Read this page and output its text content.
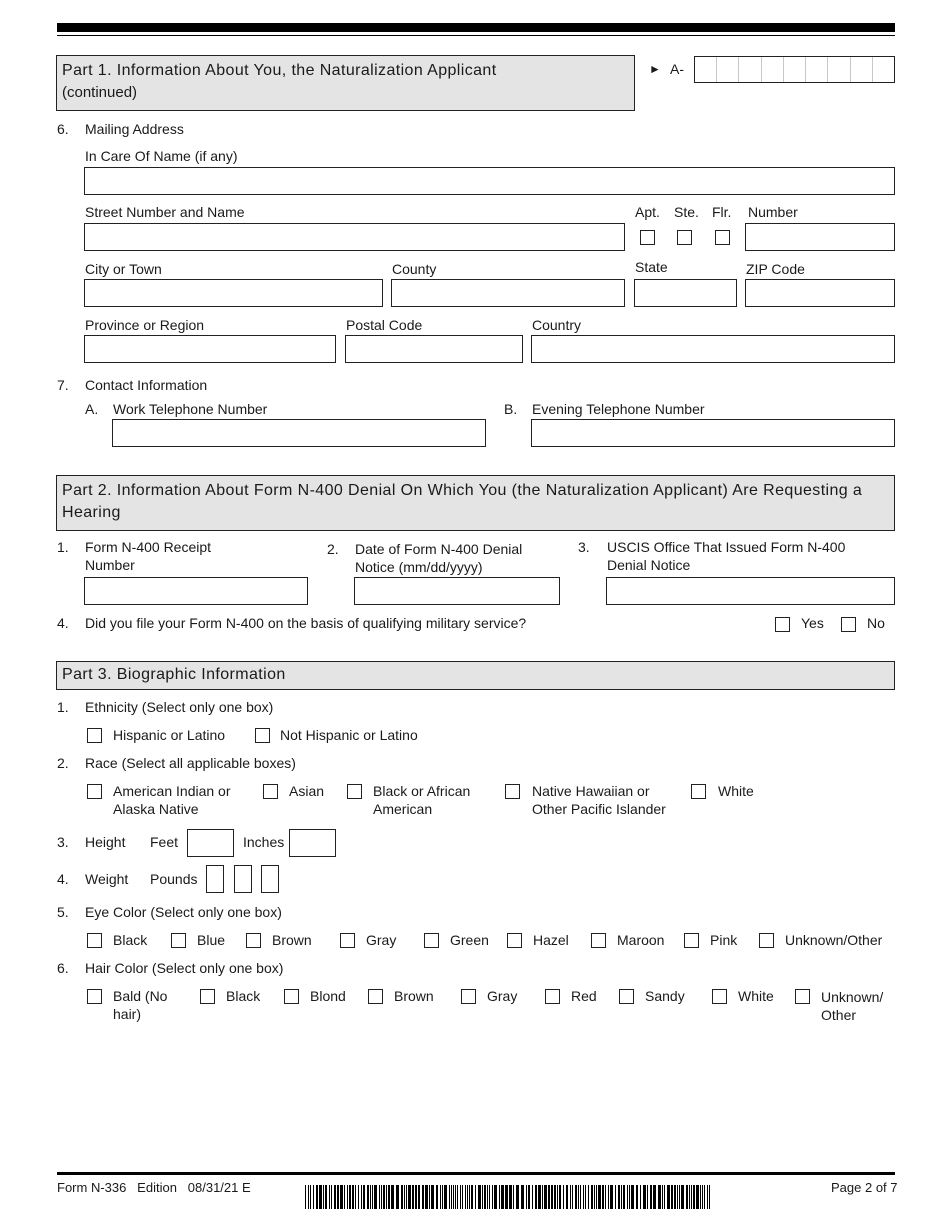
Part 1. Information About You, the Naturalization Applicant
(continued)
► A-
6. Mailing Address
In Care Of Name (if any)
Street Number and Name	Apt. Ste. Flr. Number
City or Town	County	State	ZIP Code
Province or Region	Postal Code	Country
7. Contact Information
A. Work Telephone Number	B. Evening Telephone Number
Part 2. Information About Form N-400 Denial On Which You (the Naturalization Applicant) Are Requesting a Hearing
1. Form N-400 Receipt Number
2. Date of Form N-400 Denial Notice (mm/dd/yyyy)
3. USCIS Office That Issued Form N-400 Denial Notice
4. Did you file your Form N-400 on the basis of qualifying military service?	Yes	No
Part 3. Biographic Information
1. Ethnicity (Select only one box)
Hispanic or Latino	Not Hispanic or Latino
2. Race (Select all applicable boxes)
American Indian or Alaska Native
Asian	Black or African American
Native Hawaiian or Other Pacific Islander
White
3. Height Feet	Inches
4. Weight Pounds
5. Eye Color (Select only one box)
Black	Blue	Brown	Gray	Green	Hazel	Maroon	Pink	Unknown/Other
6. Hair Color (Select only one box)
Bald (No hair)
Black	Blond	Brown	Gray	Red	Sandy	White	Unknown/ Other
Form N-336   Edition   08/31/21 E	Page 2 of 7
